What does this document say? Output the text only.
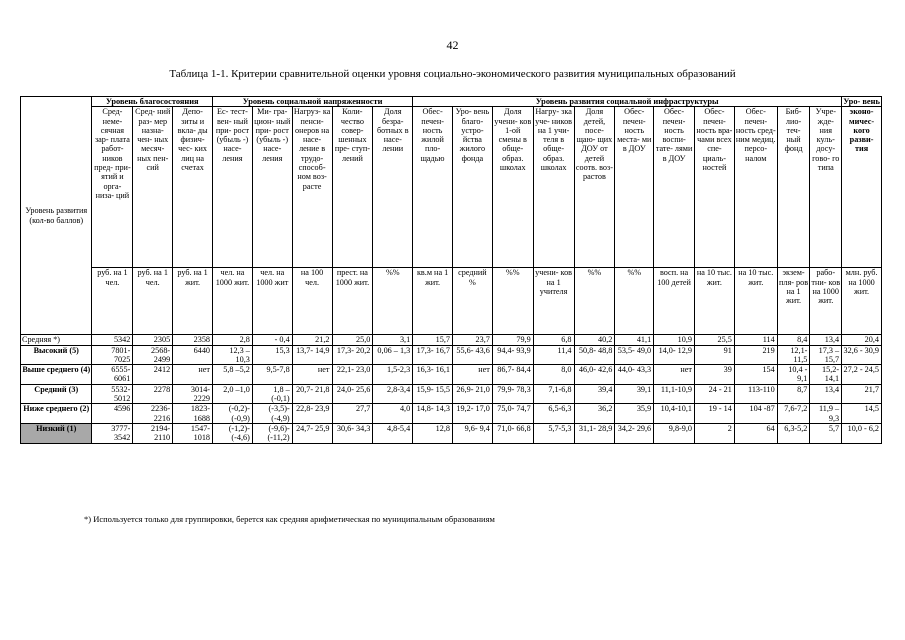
42
Таблица 1-1. Критерии сравнительной оценки уровня социально-экономического развития муниципальных образований
Уровень развития (кол-во баллов)	Уровень благосостояния			Уровень социальной напряженности					Уровень развития социальной инфраструктуры											Уро- вень
	Сред- неме- сячная зар- плата работ- ников пред- при- ятий и орга- низа- ций	Сред- ний раз- мер назна- чен- ных месяч- ных пен- сий	Депо- зиты и вкла- ды физич- чес- ких лиц на счетах	Ес- тест- вен- ный при- рост (убыль -) насе- ления	Ми- гра- цион- ный при- рост (убыль -) насе- ления	Нагруз- ка пенси- онеров на насе- ление в трудо- способ- ном воз- расте	Коли- чество совер- шенных пре- ступ- лений	Доля безра- ботных в насе- лении	Обес- печен- ность жилой пло- щадью	Уро- вень благо- устро- йства жилого фонда	Доля учени- ков 1-ой смены в обще- образ. школах	Нагру- зка уче- ников на 1 учи- теля в обще- образ. школах	Доля детей, посе- щаю- щих ДОУ от детей соотв. воз- растов	Обес- печен- ность места- ми в ДОУ	Обес- печен- ность воспи- тате- лями в ДОУ	Обес- печен- ность вра- чами всех спе- циаль- ностей	Обес- печен- ность сред- ним медиц. персо- налом	Биб- лио- теч- ный фонд	Учре- жде- ния куль- досу- гово- го типа	эконо- мичес- кого разви- тия
	руб. на 1 чел.	руб. на 1 чел.	руб. на 1 жит.	чел. на 1000 жит.	чел. на 1000 жит	на 100 чел.	прест. на 1000 жит.	%%	кв.м на 1 жит.	средний %	%%	учени- ков на 1 учителя	%%	%%	восп. на 100 детей	на 10 тыс. жит.	на 10 тыс. жит.	экзем- пля- ров на 1 жит.	рабо- тни- ков на 1000 жит.	млн. руб. на 1000 жит.
Средняя *)	5342	2305	2358	2,8	- 0,4	21,2	25,0	3,1	15,7	23,7	79,9	6,8	40,2	41,1	10,9	25,5	114	8,4	13,4	20,4
Высокий (5)	7801- 7025	2568- 2499	6440	12,3 – 10,3	15,3	13,7- 14,9	17,3- 20,2	0,06 – 1,3	17,3- 16,7	55,6- 43,6	94,4- 93,9	11,4	50,8- 48,8	53,5- 49,0	14,0- 12,9	91	219	12,1- 11,5	17,3 – 15,7	32,6 - 30,9
Выше среднего (4)	6555- 6061	2412	нет	5,8 –5,2	9,5-7,8	нет	22,1- 23,0	1,5-2,3	16,3- 16,1	нет	86,7- 84,4	8,0	46,0- 42,6	44,0- 43,3	нет	39	154	10,4 - 9,1	15,2- 14,1	27,2 - 24,5
Средний (3)	5532- 5012	2278	3014- 2229	2,0 –1,0	1,8 – (-0,1)	20,7- 21,8	24,0- 25,6	2,8-3,4	15,9- 15,5	26,9- 21,0	79,9- 78,3	7,1-6,8	39,4	39,1	11,1-10,9	24 - 21	113-110	8,7	13,4	21,7
Ниже среднего (2)	4596	2236- 2216	1823- 1688	(-0,2)- (-0,9)	(-3,5)- (-4,9)	22,8- 23,9	27,7	4,0	14,8- 14,3	19,2- 17,0	75,0- 74,7	6,5-6,3	36,2	35,9	10,4-10,1	19 - 14	104 -87	7,6-7,2	11,9 – 9,3	14,5
Низкий (1)	3777- 3542	2194- 2110	1547- 1018	(-1,2)- (-4,6)	(-9,6)- (-11,2)	24,7- 25,9	30,6- 34,3	4,8-5,4	12,8	9,6- 9,4	71,0- 66,8	5,7-5,3	31,1- 28,9	34,2- 29,6	9,8-9,0	2	64	6,3-5,2	5,7	10,0 - 6,2
*) Используется только для группировки, берется как средняя арифметическая по муниципальным образованиям
